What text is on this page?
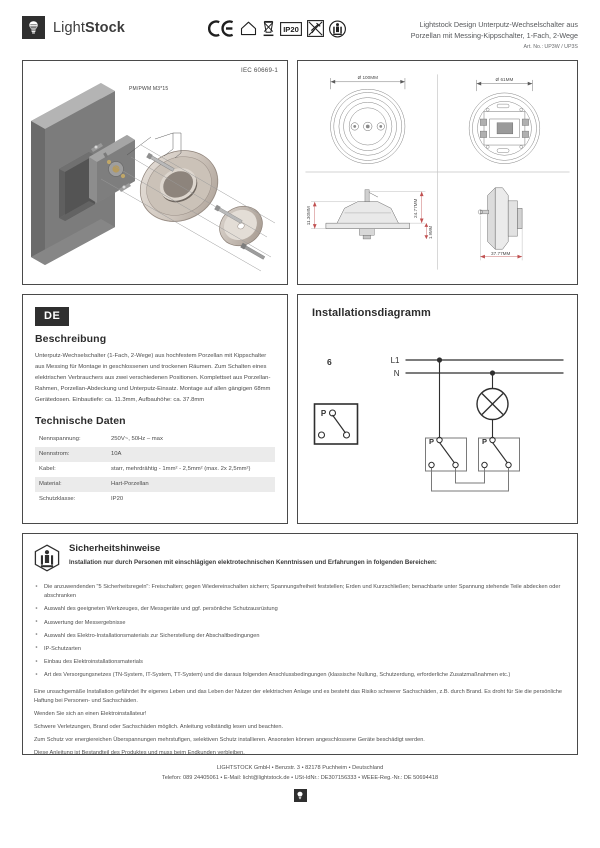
LightStock	IP20	Lightstock Design Unterputz-Wechselschalter aus
Porzellan mit Messing-Kippschalter, 1-Fach, 2-Wege
Art. No.: UP3W / UP3S
IEC 60669-1
PM/PWM M3*15
Ø 100MM	Ø 61MM
24.77MM
11.30MM
1.9MM
37.77MM
DE
Beschreibung

Unterputz-Wechselschalter (1-Fach, 2-Wege) aus hochfestem Porzellan mit Kippschalter aus Messing für Montage in geschlossenen und trockenen Räumen. Zum Schalten eines elektrischen Verbrauchers aus zwei verschiedenen Positionen. Komplettset aus Porzellan-Rahmen, Porzellan-Abdeckung und Unterputz-Einsatz. Montage auf allen gängigen 68mm Gerätedosen. Einbautiefe: ca. 11.3mm, Aufbauhöhe: ca. 37.8mm

Technische Daten
Nennspannung:	250V~, 50Hz – max
Nennstrom:	10A
Kabel:	starr, mehrdrähtig - 1mm² - 2,5mm² (max. 2x 2,5mm²)
Material:	Hart-Porzellan
Schutzklasse:	IP20
Installationsdiagramm
6
P
L1
N
P	P
Sicherheitshinweise

Installation nur durch Personen mit einschlägigen elektrotechnischen Kenntnissen und Erfahrungen in folgenden Bereichen:

‣ Die anzuwendenden "5 Sicherheitsregeln": Freischalten; gegen Wiedereinschalten sichern; Spannungsfreiheit feststellen; Erden und Kurzschließen; benachbarte unter Spannung stehende Teile abdecken oder abschranken
‣ Auswahl des geeigneten Werkzeuges, der Messgeräte und ggf. persönliche Schutzausrüstung
‣ Auswertung der Messergebnisse
‣ Auswahl des Elektro-Installationsmaterials zur Sicherstellung der Abschaltbedingungen
‣ IP-Schutzarten
‣ Einbau des Elektroinstallationsmaterials
‣ Art des Versorgungsnetzes (TN-System, IT-System, TT-System) und die daraus folgenden Anschlussbedingungen (klassische Nullung, Schutzerdung, erforderliche Zusatzmaßnahmen etc.)

Eine unsachgemäße Installation gefährdet Ihr eigenes Leben und das Leben der Nutzer der elektrischen Anlage und es besteht das Risiko schwerer Sachschäden, z.B. durch Brand. Es droht für Sie die persönliche Haftung bei Personen- und Sachschäden.

Wenden Sie sich an einen Elektroinstallateur!

Schwere Verletzungen, Brand oder Sachschäden möglich. Anleitung vollständig lesen und beachten.

Zum Schutz vor energiereichen Überspannungen mehrstufigen, selektiven Schutz installieren. Ansonsten können angeschlossene Geräte beschädigt werden.

Diese Anleitung ist Bestandteil des Produktes und muss beim Endkunden verbleiben.

LIGHTSTOCK GmbH • Benzstr. 3 • 82178 Puchheim • Deutschland
Telefon: 089 24405061 • E-Mail: licht@lightstock.de • USt-IdNr.: DE307156333 • WEEE-Reg.-Nr.: DE 50694418
